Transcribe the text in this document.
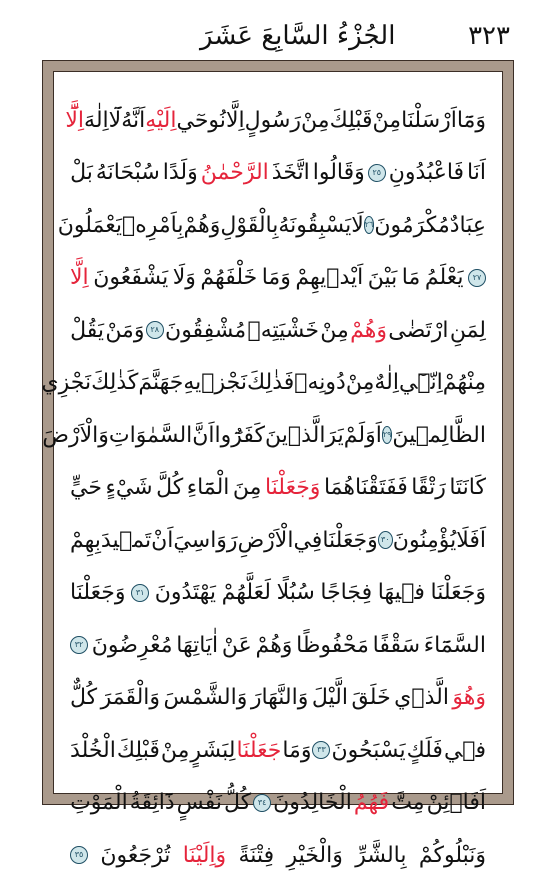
٣٢٣
الجُزْءُ السَّابِعَ عَشَرَ
وَمَٓا
اَرْسَلْنَا
مِنْ
قَبْلِكَ
مِنْ
رَسُولٍ
اِلَّا
نُوحٓي
اِلَيْهِ
اَنَّهُ
لَٓا
اِلٰهَ
اِلَّٓا
اَنَا
فَاعْبُدُونِ
٢٥
وَقَالُوا
اتَّخَذَ
الرَّحْمٰنُ
وَلَدًا
سُبْحَانَهُ
بَلْ
عِبَادٌ
مُكْرَمُونَ
٢٦
لَا
يَسْبِقُونَهُ
بِالْقَوْلِ
وَهُمْ
بِاَمْرِه۪
يَعْمَلُونَ
٢٧
يَعْلَمُ
مَا
بَيْنَ
اَيْد۪يهِمْ
وَمَا
خَلْفَهُمْ
وَلَا
يَشْفَعُونَ
اِلَّا
لِمَنِ
ارْتَضٰى
وَهُمْ
مِنْ
خَشْيَتِه۪
مُشْفِقُونَ
٢٨
وَمَنْ
يَقُلْ
مِنْهُمْ
اِنّ۪ٓي
اِلٰهٌ
مِنْ
دُونِه۪
فَذٰلِكَ
نَجْز۪يهِ
جَهَنَّمَ
كَذٰلِكَ
نَجْزِي
الظَّالِم۪ينَ
٢٩
اَوَلَمْ
يَرَ
الَّذ۪ينَ
كَفَرُٓوا
اَنَّ
السَّمٰوَاتِ
وَالْاَرْضَ
كَانَتَا
رَتْقًا
فَفَتَقْنَاهُمَا
وَجَعَلْنَا
مِنَ
الْمَٓاءِ
كُلَّ
شَيْءٍ
حَيٍّ
اَفَلَا
يُؤْمِنُونَ
٣٠
وَجَعَلْنَا
فِي
الْاَرْضِ
رَوَاسِيَ
اَنْ
تَم۪يدَ
بِهِمْ
وَجَعَلْنَا
ف۪يهَا
فِجَاجًا
سُبُلًا
لَعَلَّهُمْ
يَهْتَدُونَ
٣١
وَجَعَلْنَا
السَّمَٓاءَ
سَقْفًا
مَحْفُوظًا
وَهُمْ
عَنْ
اٰيَاتِهَا
مُعْرِضُونَ
٣٢
وَهُوَ
الَّذ۪ي
خَلَقَ
الَّيْلَ
وَالنَّهَارَ
وَالشَّمْسَ
وَالْقَمَرَ
كُلٌّ
ف۪ي
فَلَكٍ
يَسْبَحُونَ
٣٣
وَمَا
جَعَلْنَا
لِبَشَرٍ
مِنْ
قَبْلِكَ
الْخُلْدَ
اَفَا۬ئِنْ
مِتَّ
فَهُمُ
الْخَالِدُونَ
٣٤
كُلُّ
نَفْسٍ
ذَٓائِقَةُ
الْمَوْتِ
وَنَبْلُوكُمْ
بِالشَّرِّ
وَالْخَيْرِ
فِتْنَةً
وَاِلَيْنَا
تُرْجَعُونَ
٣٥
